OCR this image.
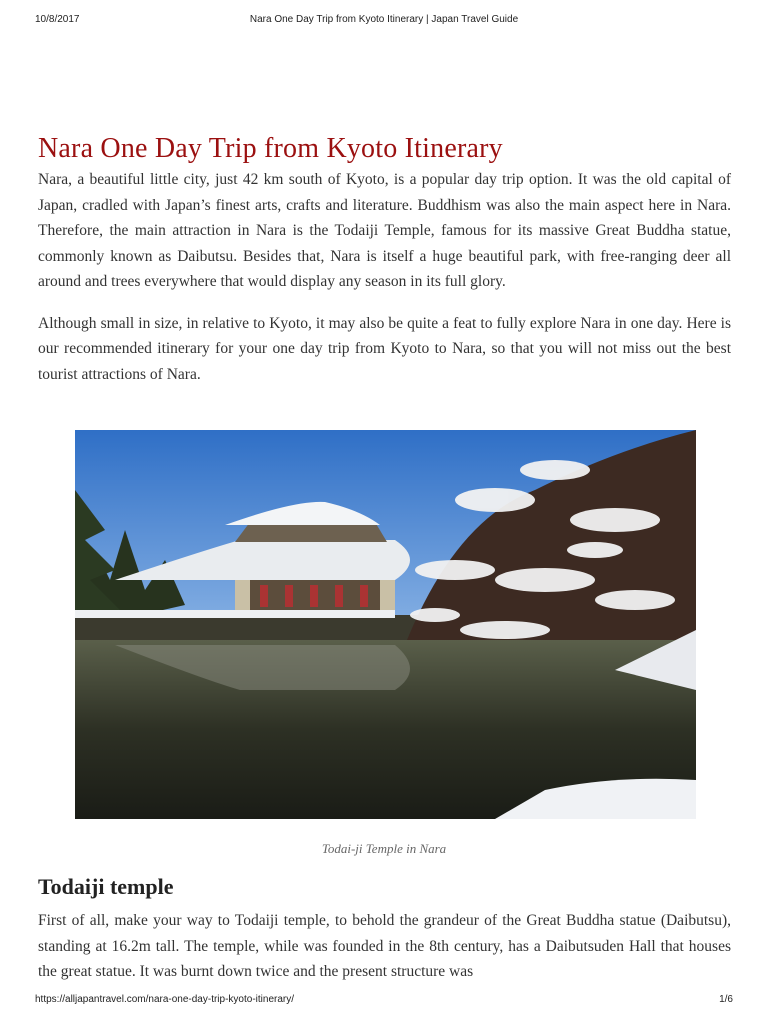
10/8/2017	Nara One Day Trip from Kyoto Itinerary | Japan Travel Guide
Nara One Day Trip from Kyoto Itinerary

Nara, a beautiful little city, just 42 km south of Kyoto, is a popular day trip option. It was the old capital of Japan, cradled with Japan’s finest arts, crafts and literature. Buddhism was also the main aspect here in Nara. Therefore, the main attraction in Nara is the Todaiji Temple, famous for its massive Great Buddha statue, commonly known as Daibutsu. Besides that, Nara is itself a huge beautiful park, with free-ranging deer all around and trees everywhere that would display any season in its full glory.

Although small in size, in relative to Kyoto, it may also be quite a feat to fully explore Nara in one day. Here is our recommended itinerary for your one day trip from Kyoto to Nara, so that you will not miss out the best tourist attractions of Nara.

Todai-ji Temple in Nara
Todaiji temple

First of all, make your way to Todaiji temple, to behold the grandeur of the Great Buddha statue (Daibutsu), standing at 16.2m tall. The temple, while was founded in the 8th century, has a Daibutsuden Hall that houses the great statue. It was burnt down twice and the present structure was

https://alljapantravel.com/nara-one-day-trip-kyoto-itinerary/	1/6
